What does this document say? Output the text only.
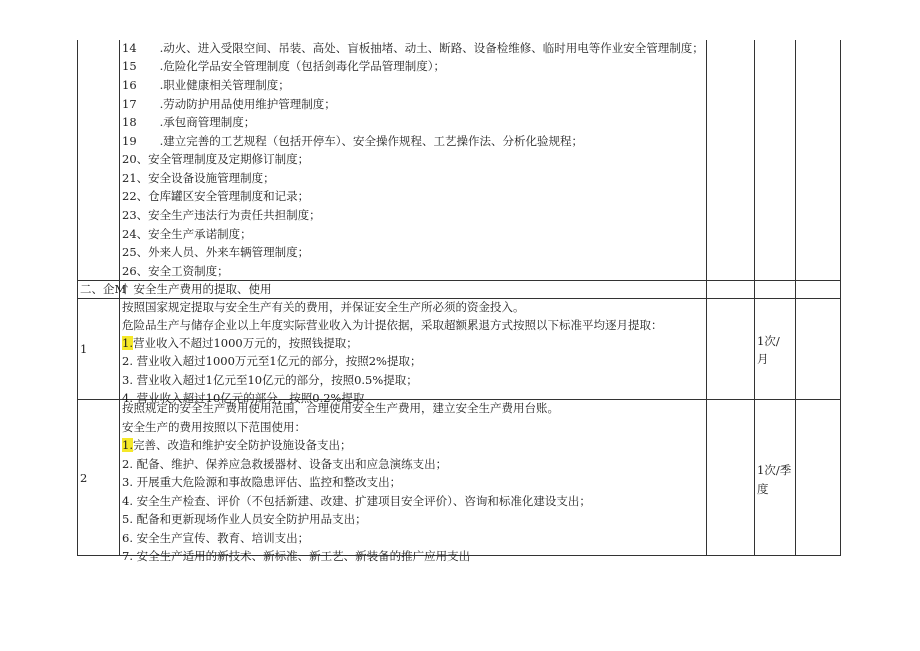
14　　.动火、进入受限空间、吊装、高处、盲板抽堵、动土、断路、设备检维修、临时用电等作业安全管理制度；
15　　.危险化学品安全管理制度（包括剑毒化学品管理制度）；
16　　.职业健康相关管理制度；
17　　.劳动防护用品使用维护管理制度；
18　　.承包商管理制度；
19　　.建立完善的工艺规程（包括开停车）、安全操作规程、工艺操作法、分析化验规程；
20、安全管理制度及定期修订制度；
21、安全设备设施管理制度；
22、仓库罐区安全管理制度和记录；
23、安全生产违法行为责任共担制度；
24、安全生产承诺制度；
25、外来人员、外来车辆管理制度；
26、安全工资制度；
二、企M
忄安全生产费用的提取、使用
1
按照国家规定提取与安全生产有关的费用，并保证安全生产所必须的资金投入。
危险品生产与储存企业以上年度实际营业收入为计提依据，采取超额累退方式按照以下标准平均逐月提取：
1.营业收入不超过1000万元的，按照钱提取；
2. 营业收入超过1000万元至1亿元的部分，按照2%提取；
3. 营业收入超过1亿元至10亿元的部分，按照0.5%提取；
4. 营业收入超过10亿元的部分，按照0.2%提取
1次/
月
2
按照规定的安全生产费用使用范围，合理使用安全生产费用，建立安全生产费用台账。
安全生产的费用按照以下范围使用：
1.完善、改造和维护安全防护设施设备支出；
2. 配备、维护、保养应急救援器材、设备支出和应急演练支出；
3. 开展重大危险源和事故隐患评估、监控和整改支出；
4. 安全生产检查、评价（不包括新建、改建、扩建项目安全评价）、咨询和标准化建设支出；
5. 配备和更新现场作业人员安全防护用品支出；
6. 安全生产宣传、教育、培训支出；
7. 安全生产适用的新技术、新标准、新工艺、新装备的推广应用支出
1次/季
度
